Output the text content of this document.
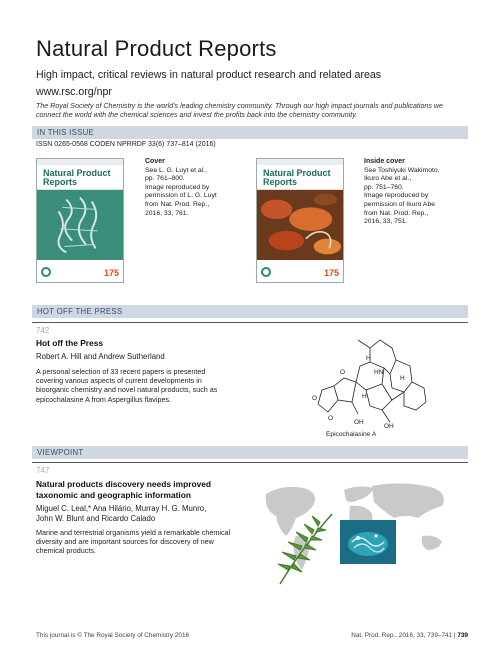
Natural Product Reports
High impact, critical reviews in natural product research and related areas
www.rsc.org/npr
The Royal Society of Chemistry is the world's leading chemistry community. Through our high impact journals and publications we connect the world with the chemical sciences and invest the profits back into the chemistry community.
IN THIS ISSUE
ISSN 0265-0568 CODEN NPRRDF 33(6) 737–814 (2016)
Natural Product Reports
175
Cover
See L. G. Luyt et al.,
pp. 761–800.
Image reproduced by
permission of L. G. Luyt
from Nat. Prod. Rep.,
2016, 33, 761.
Natural Product Reports
175
Inside cover
See Toshiyuki Wakimoto,
Ikuro Abe et al.,
pp. 751–760.
Image reproduced by
permission of Ikuro Abe
from Nat. Prod. Rep.,
2016, 33, 751.
HOT OFF THE PRESS
742
Hot off the Press
Robert A. Hill and Andrew Sutherland
A personal selection of 33 recent papers is presented
covering various aspects of current developments in
bioorganic chemistry and novel natural products, such as
epicochalasine A from Aspergillus flavipes.
H
HN
O
O
O
OH
OH
H
H
Epicochalasine A
VIEWPOINT
747
Natural products discovery needs improved
taxonomic and geographic information
Miguel C. Leal,* Ana Hilário, Murray H. G. Munro,
John W. Blunt and Ricardo Calado
Marine and terrestrial organisms yield a remarkable chemical
diversity and are important sources for discovery of new
chemical products.
This journal is © The Royal Society of Chemistry 2016	Nat. Prod. Rep., 2016, 33, 739–741 | 739
